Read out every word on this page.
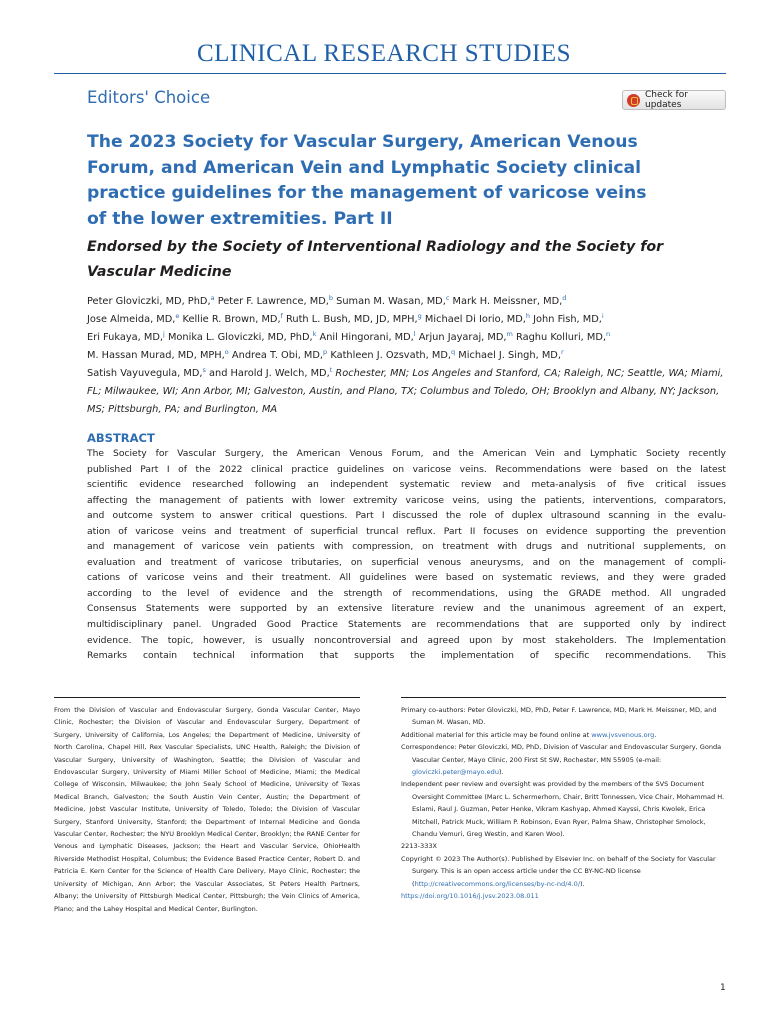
CLINICAL RESEARCH STUDIES
Editors' Choice	Check for updates
The 2023 Society for Vascular Surgery, American Venous Forum, and American Vein and Lymphatic Society clinical practice guidelines for the management of varicose veins of the lower extremities. Part II
Endorsed by the Society of Interventional Radiology and the Society for Vascular Medicine
Peter Gloviczki, MD, PhD,$^a$ Peter F. Lawrence, MD,$^b$ Suman M. Wasan, MD,$^c$ Mark H. Meissner, MD,$^d$
Jose Almeida, MD,$^e$ Kellie R. Brown, MD,$^f$ Ruth L. Bush, MD, JD, MPH,$^g$ Michael Di Iorio, MD,$^h$ John Fish, MD,$^i$
Eri Fukaya, MD,$^j$ Monika L. Gloviczki, MD, PhD,$^k$ Anil Hingorani, MD,$^l$ Arjun Jayaraj, MD,$^m$ Raghu Kolluri, MD,$^n$
M. Hassan Murad, MD, MPH,$^o$ Andrea T. Obi, MD,$^p$ Kathleen J. Ozsvath, MD,$^q$ Michael J. Singh, MD,$^r$
Satish Vayuvegula, MD,$^s$ and Harold J. Welch, MD,$^t$ Rochester, MN; Los Angeles and Stanford, CA; Raleigh, NC; Seattle, WA; Miami, FL; Milwaukee, WI; Ann Arbor, MI; Galveston, Austin, and Plano, TX; Columbus and Toledo, OH; Brooklyn and Albany, NY; Jackson, MS; Pittsburgh, PA; and Burlington, MA
ABSTRACT
The Society for Vascular Surgery, the American Venous Forum, and the American Vein and Lymphatic Society recently
published Part I of the 2022 clinical practice guidelines on varicose veins. Recommendations were based on the latest
scientific evidence researched following an independent systematic review and meta-analysis of five critical issues
affecting the management of patients with lower extremity varicose veins, using the patients, interventions, comparators,
and outcome system to answer critical questions. Part I discussed the role of duplex ultrasound scanning in the evalu-
ation of varicose veins and treatment of superficial truncal reflux. Part II focuses on evidence supporting the prevention
and management of varicose vein patients with compression, on treatment with drugs and nutritional supplements, on
evaluation and treatment of varicose tributaries, on superficial venous aneurysms, and on the management of compli-
cations of varicose veins and their treatment. All guidelines were based on systematic reviews, and they were graded
according to the level of evidence and the strength of recommendations, using the GRADE method. All ungraded
Consensus Statements were supported by an extensive literature review and the unanimous agreement of an expert,
multidisciplinary panel. Ungraded Good Practice Statements are recommendations that are supported only by indirect
evidence. The topic, however, is usually noncontroversial and agreed upon by most stakeholders. The Implementation
Remarks contain technical information that supports the implementation of specific recommendations. This
From the Division of Vascular and Endovascular Surgery, Gonda Vascular Center, Mayo Clinic, Rochester; the Division of Vascular and Endovascular Surgery, Department of Surgery, University of California, Los Angeles; the Department of Medicine, University of North Carolina, Chapel Hill, Rex Vascular Specialists, UNC Health, Raleigh; the Division of Vascular Surgery, University of Washington, Seattle; the Division of Vascular and Endovascular Surgery, University of Miami Miller School of Medicine, Miami; the Medical College of Wisconsin, Milwaukee; the John Sealy School of Medicine, University of Texas Medical Branch, Galveston; the South Austin Vein Center, Austin; the Department of Medicine, Jobst Vascular Institute, University of Toledo, Toledo; the Division of Vascular Surgery, Stanford University, Stanford; the Department of Internal Medicine and Gonda Vascular Center, Rochester; the NYU Brooklyn Medical Center, Brooklyn; the RANE Center for Venous and Lymphatic Diseases, Jackson; the Heart and Vascular Service, OhioHealth Riverside Methodist Hospital, Columbus; the Evidence Based Practice Center, Robert D. and Patricia E. Kern Center for the Science of Health Care Delivery, Mayo Clinic, Rochester; the University of Michigan, Ann Arbor; the Vascular Associates, St Peters Health Partners, Albany; the University of Pittsburgh Medical Center, Pittsburgh; the Vein Clinics of America, Plano; and the Lahey Hospital and Medical Center, Burlington.

Primary co-authors: Peter Gloviczki, MD, PhD, Peter F. Lawrence, MD, Mark H. Meissner, MD, and Suman M. Wasan, MD.

Additional material for this article may be found online at www.jvsvenous.org.

Correspondence: Peter Gloviczki, MD, PhD, Division of Vascular and Endovascular Surgery, Gonda Vascular Center, Mayo Clinic, 200 First St SW, Rochester, MN 55905 (e-mail: gloviczki.peter@mayo.edu).

Independent peer review and oversight was provided by the members of the SVS Document Oversight Committee (Marc L. Schermerhorn, Chair, Britt Tonnessen, Vice Chair, Mohammad H. Eslami, Raul J. Guzman, Peter Henke, Vikram Kashyap, Ahmed Kayssi, Chris Kwolek, Erica Mitchell, Patrick Muck, William P. Robinson, Evan Ryer, Palma Shaw, Christopher Smolock, Chandu Vemuri, Greg Westin, and Karen Woo).

2213-333X

Copyright © 2023 The Author(s). Published by Elsevier Inc. on behalf of the Society for Vascular Surgery. This is an open access article under the CC BY-NC-ND license (http://creativecommons.org/licenses/by-nc-nd/4.0/).

https://doi.org/10.1016/j.jvsv.2023.08.011

1
